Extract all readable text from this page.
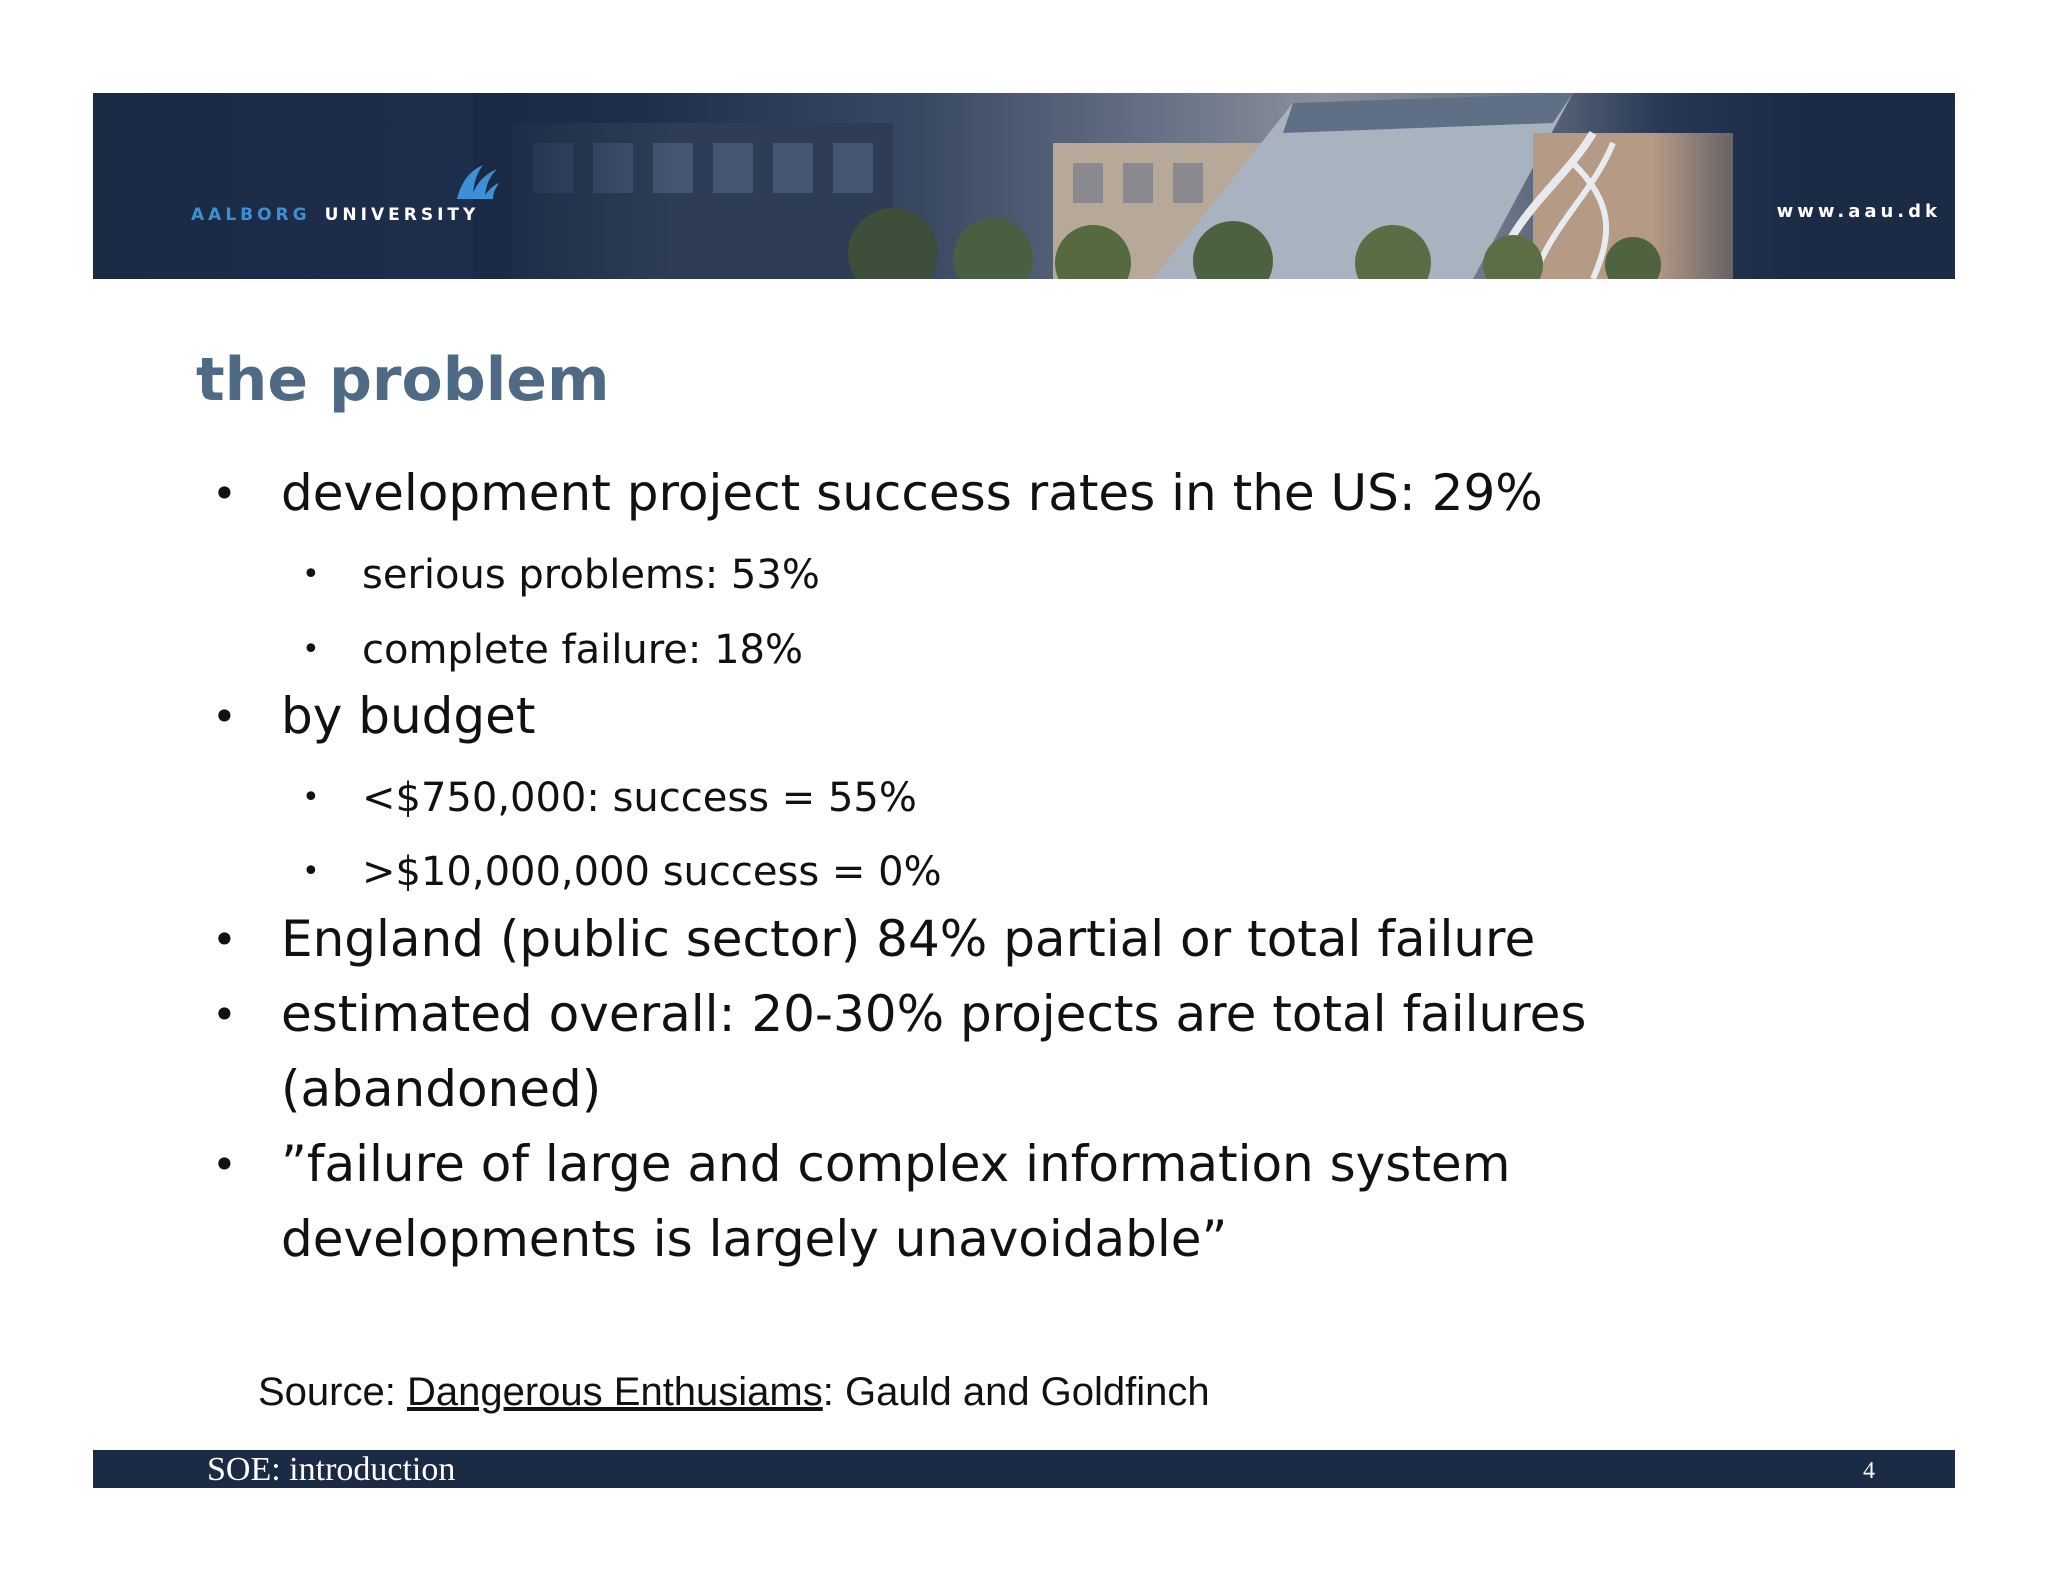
AALBORG UNIVERSITY	www.aau.dk
the problem
• development project success rates in the US: 29%
• serious problems: 53%
• complete failure: 18%
• by budget
• <$750,000: success = 55%
• >$10,000,000 success = 0%
• England (public sector) 84% partial or total failure
• estimated overall: 20-30% projects are total failures
(abandoned)
• ”failure of large and complex information system
developments is largely unavoidable”
Source: Dangerous Enthusiams: Gauld and Goldfinch
SOE: introduction	4
